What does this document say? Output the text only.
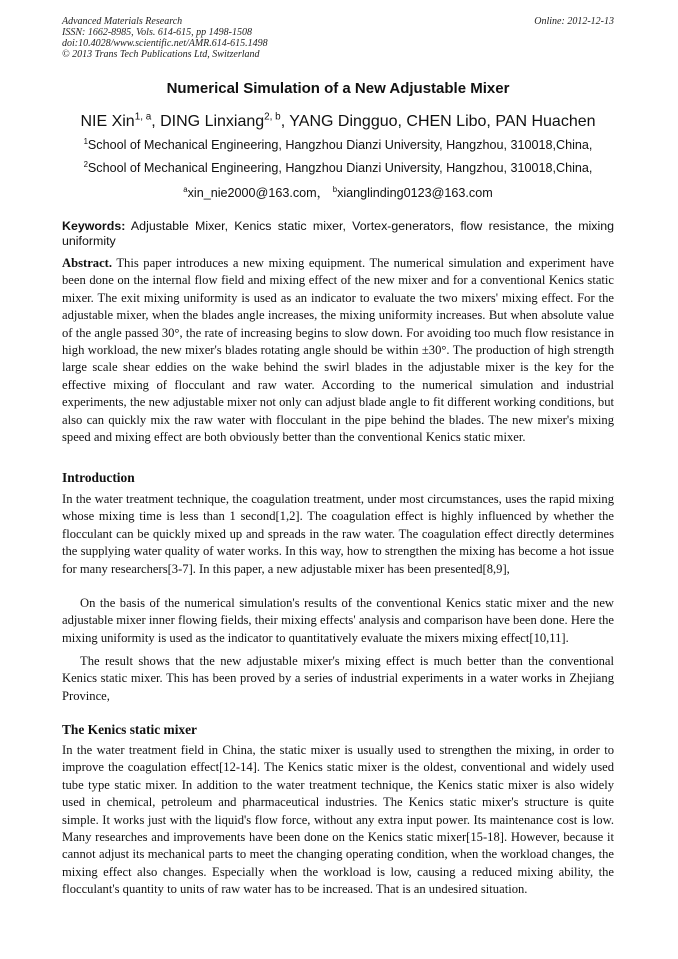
Advanced Materials Research
ISSN: 1662-8985, Vols. 614-615, pp 1498-1508
doi:10.4028/www.scientific.net/AMR.614-615.1498
© 2013 Trans Tech Publications Ltd, Switzerland
Online: 2012-12-13
Numerical Simulation of a New Adjustable Mixer
NIE Xin$^{1, a}$, DING Linxiang$^{2, b}$, YANG Dingguo, CHEN Libo, PAN Huachen
$^1$School of Mechanical Engineering, Hangzhou Dianzi University, Hangzhou, 310018,China,
$^2$School of Mechanical Engineering, Hangzhou Dianzi University, Hangzhou, 310018,China,
$^a$xin_nie2000@163.com， $^b$xianglinding0123@163.com
Keywords: Adjustable Mixer, Kenics static mixer, Vortex-generators, flow resistance, the mixing uniformity
Abstract. This paper introduces a new mixing equipment. The numerical simulation and experiment have been done on the internal flow field and mixing effect of the new mixer and for a conventional Kenics static mixer. The exit mixing uniformity is used as an indicator to evaluate the two mixers' mixing effect. For the adjustable mixer, when the blades angle increases, the mixing uniformity increases. But when absolute value of the angle passed 30°, the rate of increasing begins to slow down. For avoiding too much flow resistance in high workload, the new mixer's blades rotating angle should be within ±30°. The production of high strength large scale shear eddies on the wake behind the swirl blades in the adjustable mixer is the key for the effective mixing of flocculant and raw water. According to the numerical simulation and industrial experiments, the new adjustable mixer not only can adjust blade angle to fit different working conditions, but also can quickly mix the raw water with flocculant in the pipe behind the blades. The new mixer's mixing speed and mixing effect are both obviously better than the conventional Kenics static mixer.
Introduction
In the water treatment technique, the coagulation treatment, under most circumstances, uses the rapid mixing whose mixing time is less than 1 second[1,2]. The coagulation effect is highly influenced by whether the flocculant can be quickly mixed up and spreads in the raw water. The coagulation effect directly determines the supplying water quality of water works. In this way, how to strengthen the mixing has become a hot issue for many researchers[3-7]. In this paper, a new adjustable mixer has been presented[8,9],
On the basis of the numerical simulation's results of the conventional Kenics static mixer and the new adjustable mixer inner flowing fields, their mixing effects' analysis and comparison have been done. Here the mixing uniformity is used as the indicator to quantitatively evaluate the mixers mixing effect[10,11].
The result shows that the new adjustable mixer's mixing effect is much better than the conventional Kenics static mixer. This has been proved by a series of industrial experiments in a water works in Zhejiang Province,
The Kenics static mixer
In the water treatment field in China, the static mixer is usually used to strengthen the mixing, in order to improve the coagulation effect[12-14]. The Kenics static mixer is the oldest, conventional and widely used tube type static mixer. In addition to the water treatment technique, the Kenics static mixer is also widely used in chemical, petroleum and pharmaceutical industries. The Kenics static mixer's structure is quite simple. It works just with the liquid's flow force, without any extra input power. Its maintenance cost is low. Many researches and improvements have been done on the Kenics static mixer[15-18]. However, because it cannot adjust its mechanical parts to meet the changing operating condition, when the workload changes, the mixing effect also changes. Especially when the workload is low, causing a reduced mixing ability, the flocculant's quantity to units of raw water has to be increased. That is an undesired situation.
